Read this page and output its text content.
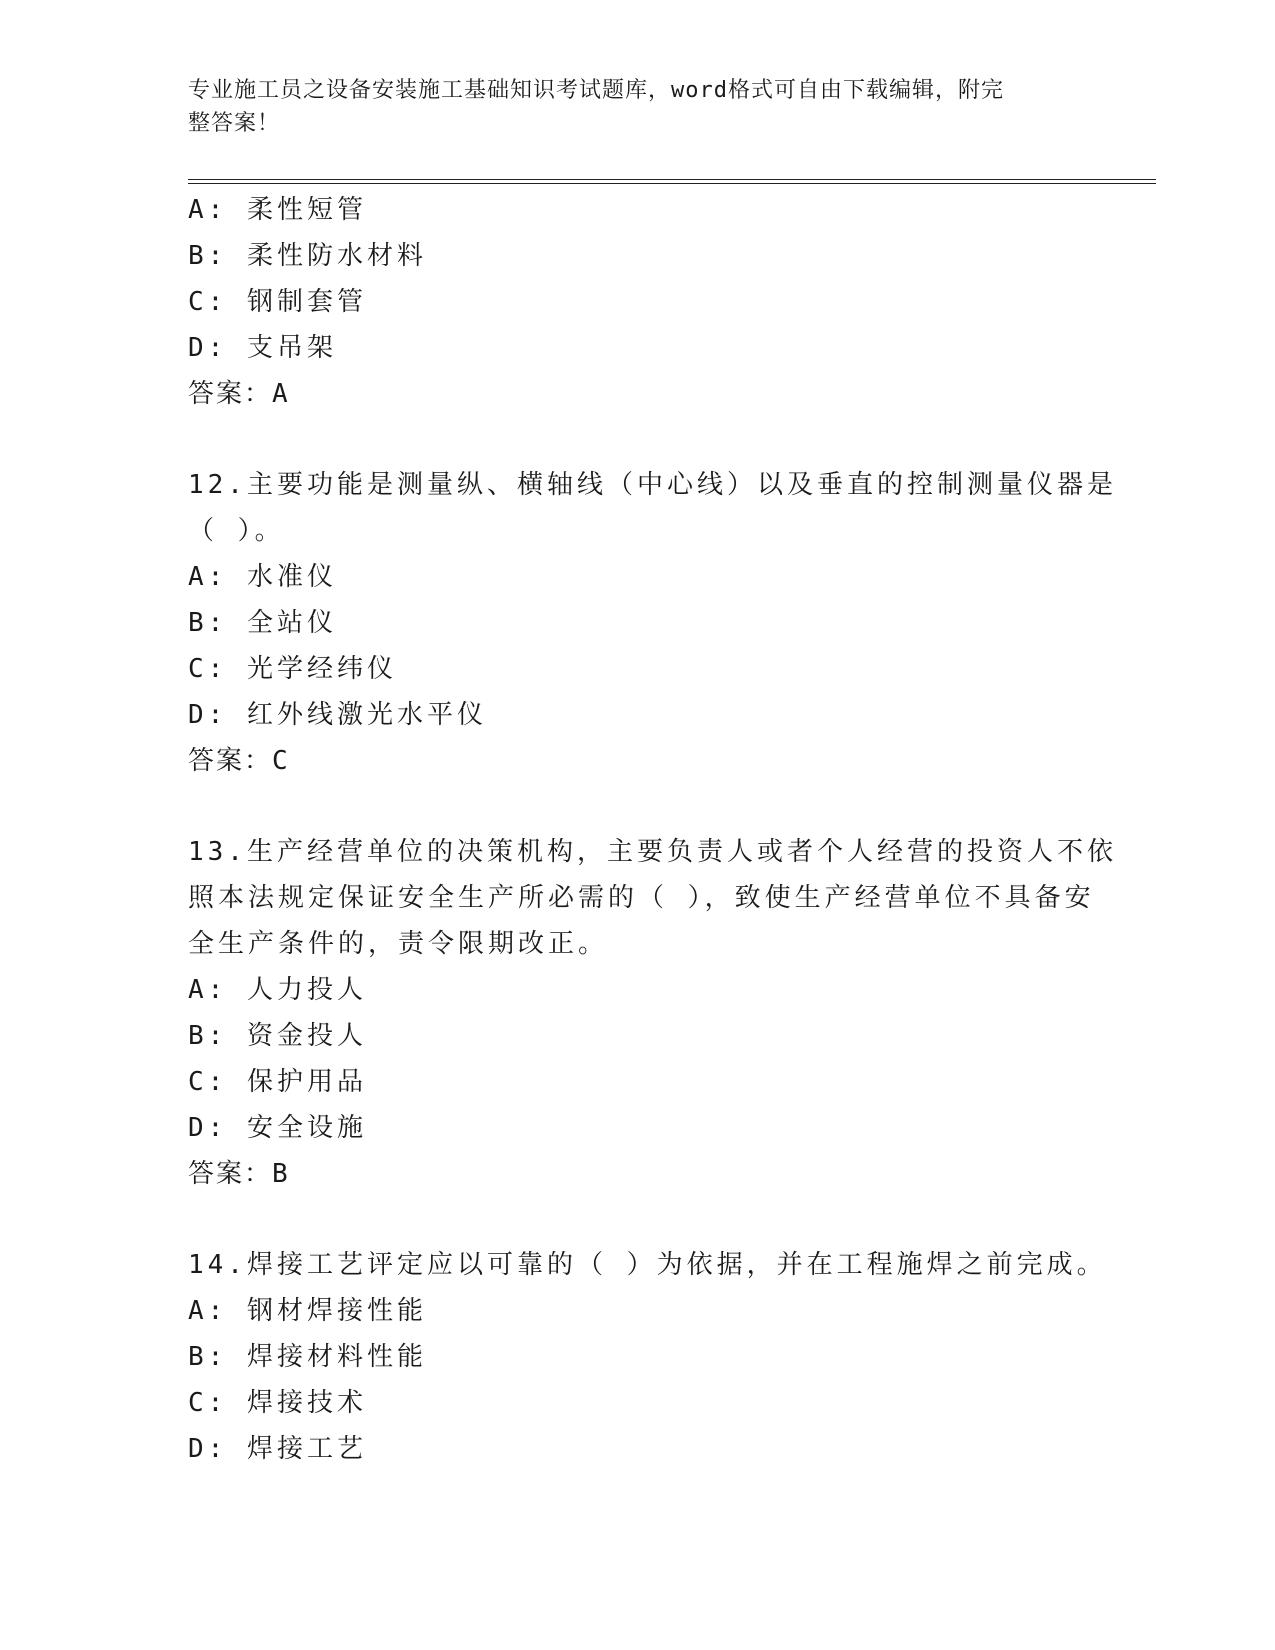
专业施工员之设备安装施工基础知识考试题库，word格式可自由下载编辑，附完
整答案！
A: 柔性短管
B: 柔性防水材料
C: 钢制套管
D: 支吊架
答案：A
12.主要功能是测量纵、横轴线（中心线）以及垂直的控制测量仪器是
（ ）。
A: 水准仪
B: 全站仪
C: 光学经纬仪
D: 红外线激光水平仪
答案：C
13.生产经营单位的决策机构，主要负责人或者个人经营的投资人不依
照本法规定保证安全生产所必需的（ ），致使生产经营单位不具备安
全生产条件的，责令限期改正。
A: 人力投人
B: 资金投人
C: 保护用品
D: 安全设施
答案：B
14.焊接工艺评定应以可靠的（ ）为依据，并在工程施焊之前完成。
A: 钢材焊接性能
B: 焊接材料性能
C: 焊接技术
D: 焊接工艺
